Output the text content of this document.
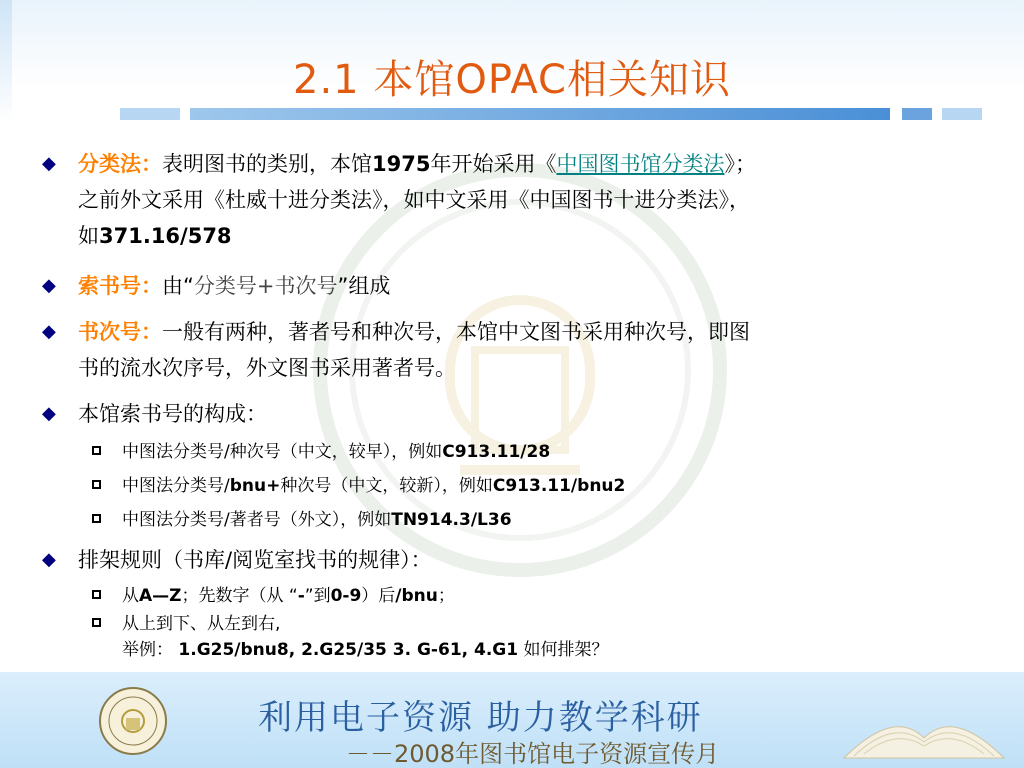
2.1 本馆OPAC相关知识
◆ 分类法：表明图书的类别，本馆1975年开始采用《中国图书馆分类法》；
之前外文采用《杜威十进分类法》，如中文采用《中国图书十进分类法》，
如371.16/578
◆ 索书号：由“分类号+书次号”组成
◆ 书次号：一般有两种，著者号和种次号，本馆中文图书采用种次号，即图
书的流水次序号，外文图书采用著者号。
◆ 本馆索书号的构成：
中图法分类号/种次号（中文，较早），例如C913.11/28
中图法分类号/bnu+种次号（中文，较新），例如C913.11/bnu2
中图法分类号/著者号（外文），例如TN914.3/L36
◆ 排架规则（书库/阅览室找书的规律）：
从A—Z；先数字（从 “-”到0-9）后/bnu；
从上到下、从左到右,
举例： 1.G25/bnu8, 2.G25/35 3. G-61, 4.G1 如何排架？
利用电子资源 助力教学科研
－－2008年图书馆电子资源宣传月
